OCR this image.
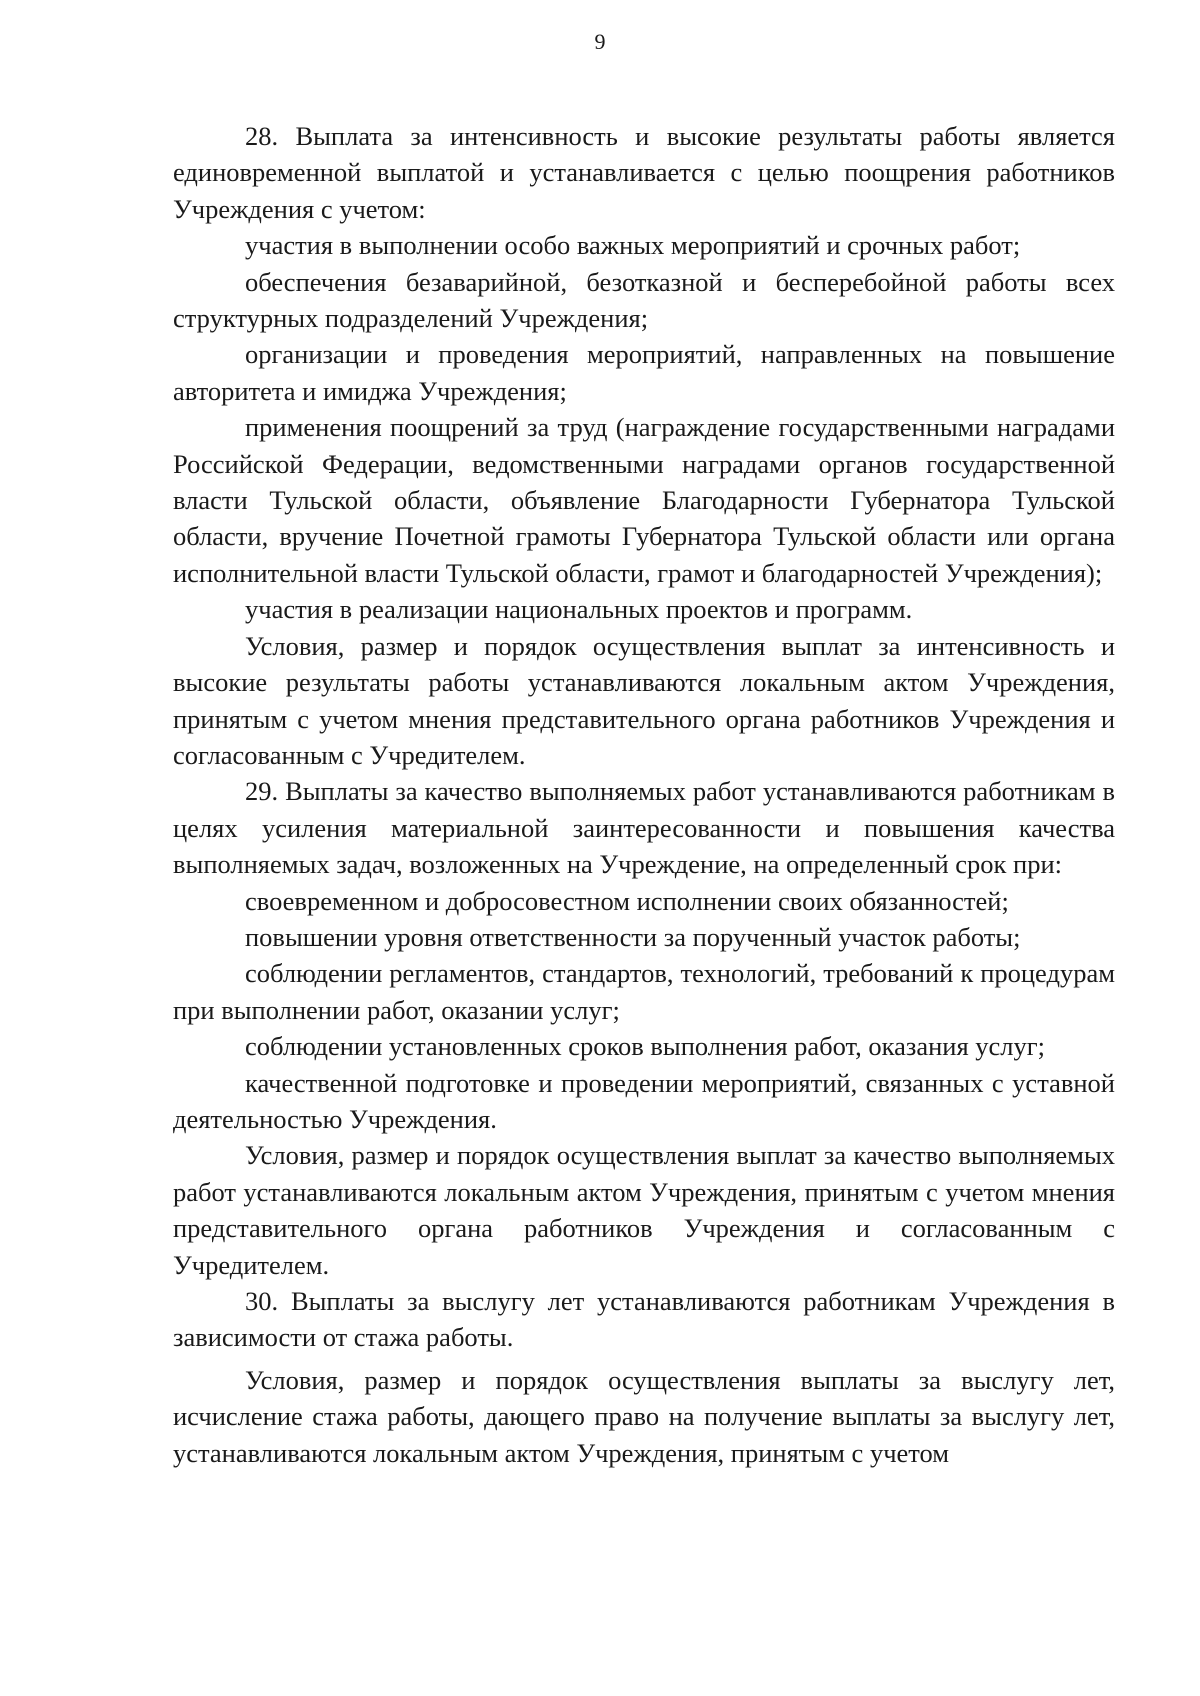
9

28. Выплата за интенсивность и высокие результаты работы является единовременной выплатой и устанавливается с целью поощрения работников Учреждения с учетом:

участия в выполнении особо важных мероприятий и срочных работ;

обеспечения безаварийной, безотказной и бесперебойной работы всех структурных подразделений Учреждения;

организации и проведения мероприятий, направленных на повышение авторитета и имиджа Учреждения;

применения поощрений за труд (награждение государственными наградами Российской Федерации, ведомственными наградами органов государственной власти Тульской области, объявление Благодарности Губернатора Тульской области, вручение Почетной грамоты Губернатора Тульской области или органа исполнительной власти Тульской области, грамот и благодарностей Учреждения);

участия в реализации национальных проектов и программ.

Условия, размер и порядок осуществления выплат за интенсивность и высокие результаты работы устанавливаются локальным актом Учреждения, принятым с учетом мнения представительного органа работников Учреждения и согласованным с Учредителем.

29. Выплаты за качество выполняемых работ устанавливаются работникам в целях усиления материальной заинтересованности и повышения качества выполняемых задач, возложенных на Учреждение, на определенный срок при:

своевременном и добросовестном исполнении своих обязанностей;

повышении уровня ответственности за порученный участок работы;

соблюдении регламентов, стандартов, технологий, требований к процедурам при выполнении работ, оказании услуг;

соблюдении установленных сроков выполнения работ, оказания услуг;

качественной подготовке и проведении мероприятий, связанных с уставной деятельностью Учреждения.

Условия, размер и порядок осуществления выплат за качество выполняемых работ устанавливаются локальным актом Учреждения, принятым с учетом мнения представительного органа работников Учреждения и согласованным с Учредителем.

30. Выплаты за выслугу лет устанавливаются работникам Учреждения в зависимости от стажа работы.

Условия, размер и порядок осуществления выплаты за выслугу лет, исчисление стажа работы, дающего право на получение выплаты за выслугу лет, устанавливаются локальным актом Учреждения, принятым с учетом
